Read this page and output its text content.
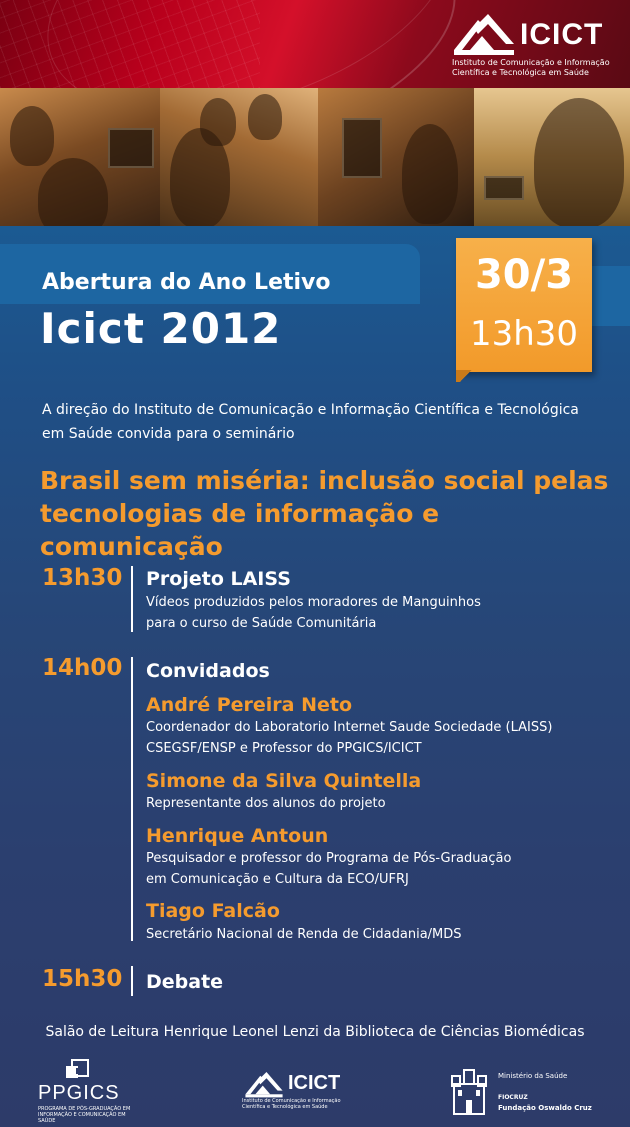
ICICT
Instituto de Comunicação e Informação
Científica e Tecnológica em Saúde
Abertura do Ano Letivo
Icict 2012
30/3
13h30
A direção do Instituto de Comunicação e Informação Científica e Tecnológica
em Saúde convida para o seminário
Brasil sem miséria: inclusão social pelas
tecnologias de informação e comunicação
13h30 Projeto LAISS
Vídeos produzidos pelos moradores de Manguinhos
para o curso de Saúde Comunitária
14h00 Convidados
André Pereira Neto
Coordenador do Laboratorio Internet Saude Sociedade (LAISS)
CSEGSF/ENSP e Professor do PPGICS/ICICT
Simone da Silva Quintella
Representante dos alunos do projeto
Henrique Antoun
Pesquisador e professor do Programa de Pós-Graduação
em Comunicação e Cultura da ECO/UFRJ
Tiago Falcão
Secretário Nacional de Renda de Cidadania/MDS
15h30 Debate
Salão de Leitura Henrique Leonel Lenzi da Biblioteca de Ciências Biomédicas
PPGICS
PROGRAMA DE PÓS-GRADUAÇÃO EM
INFORMAÇÃO E COMUNICAÇÃO EM SAÚDE
ICICT
Instituto de Comunicação e Informação
Científica e Tecnológica em Saúde
Ministério da Saúde
FIOCRUZ
Fundação Oswaldo Cruz
